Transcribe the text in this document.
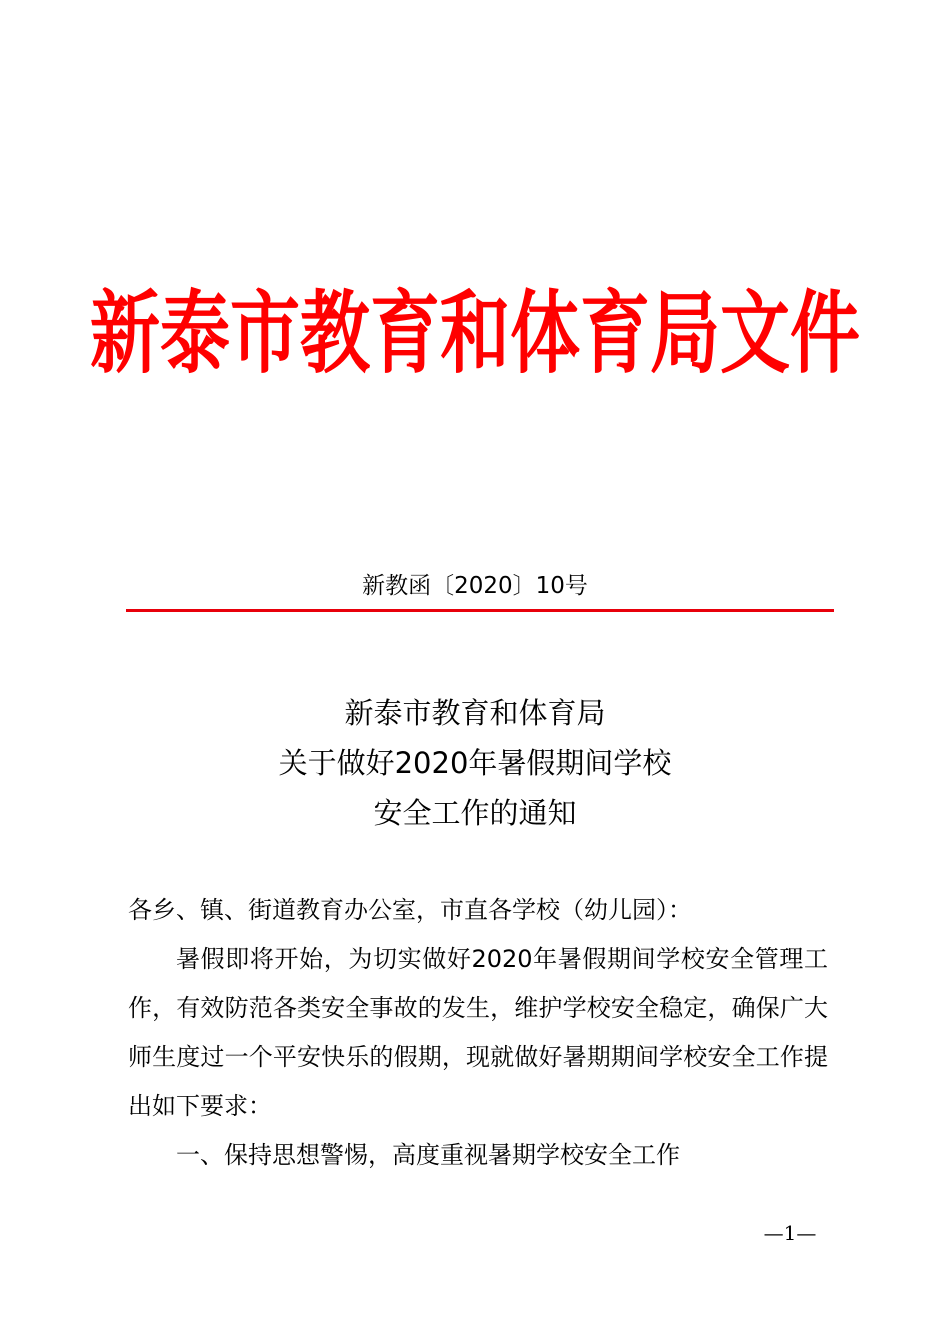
新泰市教育和体育局文件
新教函〔2020〕10号
新泰市教育和体育局
关于做好2020年暑假期间学校
安全工作的通知

各乡、镇、街道教育办公室，市直各学校（幼儿园）：

暑假即将开始，为切实做好2020年暑假期间学校安全管理工作，有效防范各类安全事故的发生，维护学校安全稳定，确保广大师生度过一个平安快乐的假期，现就做好暑期期间学校安全工作提出如下要求：

一、保持思想警惕，高度重视暑期学校安全工作

—1—
